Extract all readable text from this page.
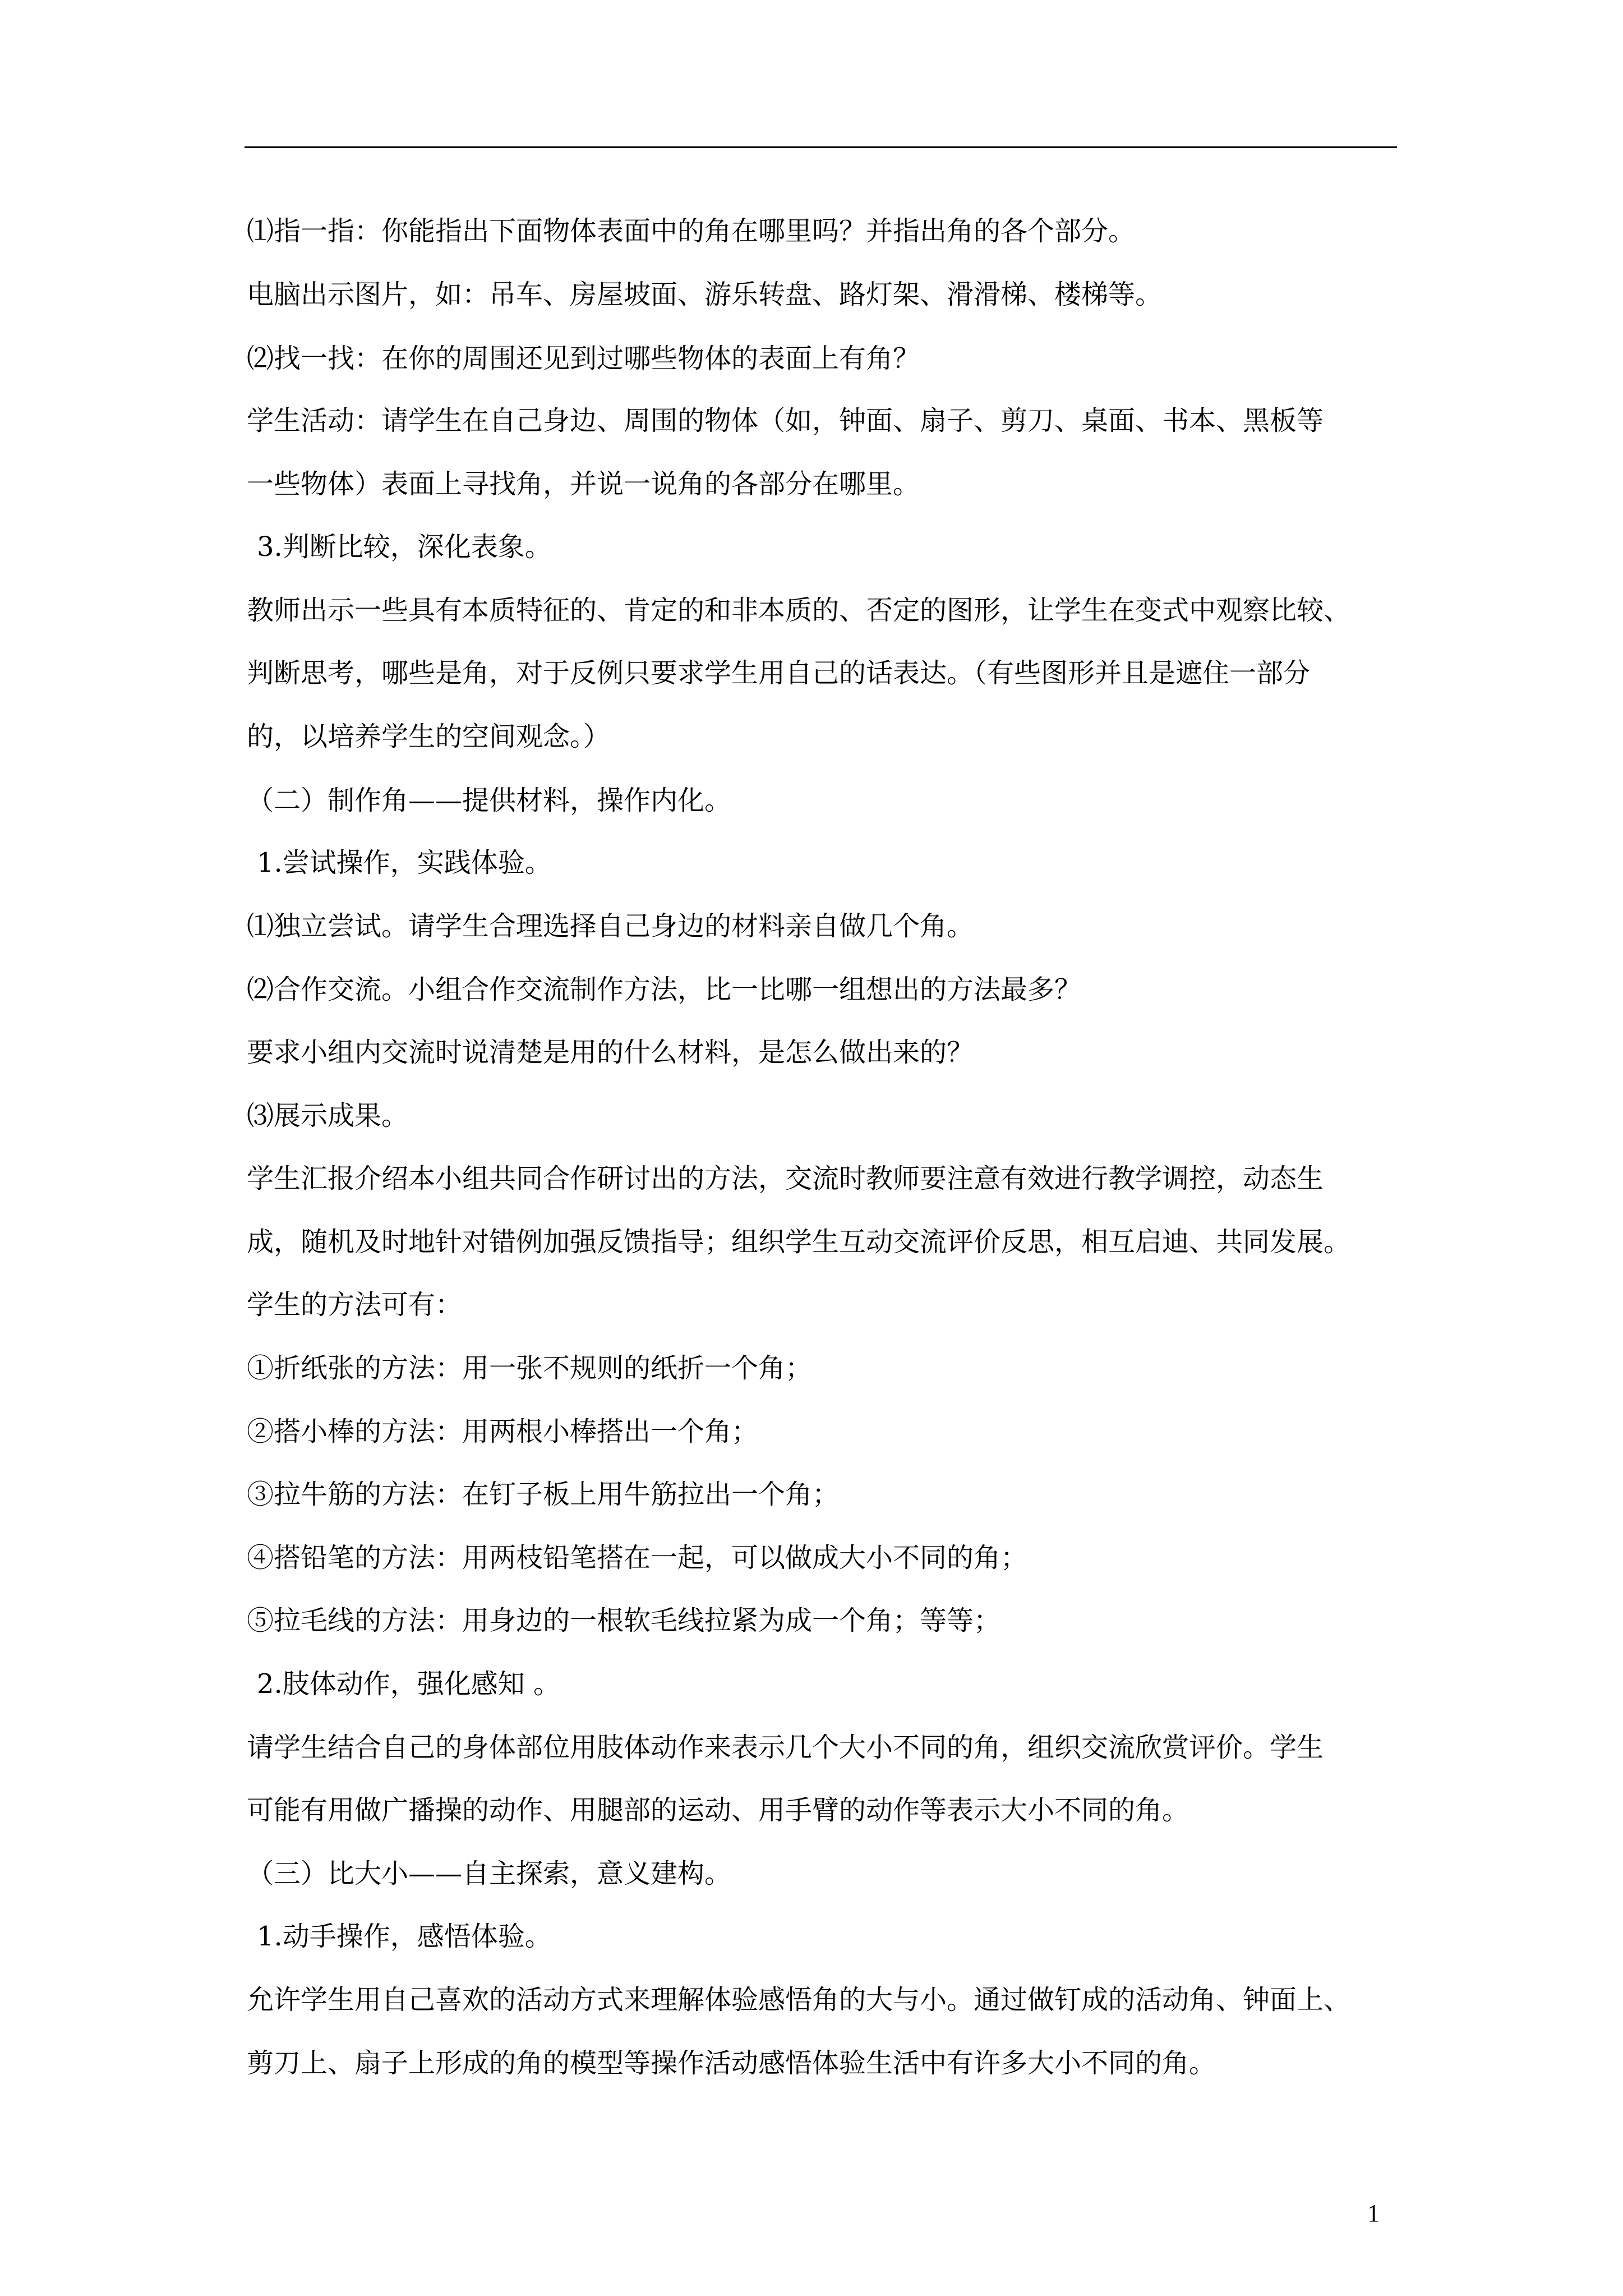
⑴指一指：你能指出下面物体表面中的角在哪里吗？并指出角的各个部分。
电脑出示图片，如：吊车、房屋坡面、游乐转盘、路灯架、滑滑梯、楼梯等。
⑵找一找：在你的周围还见到过哪些物体的表面上有角？
学生活动：请学生在自己身边、周围的物体（如，钟面、扇子、剪刀、桌面、书本、黑板等
一些物体）表面上寻找角，并说一说角的各部分在哪里。
3.判断比较，深化表象。
教师出示一些具有本质特征的、肯定的和非本质的、否定的图形，让学生在变式中观察比较、
判断思考，哪些是角，对于反例只要求学生用自己的话表达。（有些图形并且是遮住一部分
的，以培养学生的空间观念。）
（二）制作角——提供材料，操作内化。
1.尝试操作，实践体验。
⑴独立尝试。请学生合理选择自己身边的材料亲自做几个角。
⑵合作交流。小组合作交流制作方法，比一比哪一组想出的方法最多？
要求小组内交流时说清楚是用的什么材料，是怎么做出来的？
⑶展示成果。
学生汇报介绍本小组共同合作研讨出的方法，交流时教师要注意有效进行教学调控，动态生
成，随机及时地针对错例加强反馈指导；组织学生互动交流评价反思，相互启迪、共同发展。
学生的方法可有：
①折纸张的方法：用一张不规则的纸折一个角；
②搭小棒的方法：用两根小棒搭出一个角；
③拉牛筋的方法：在钉子板上用牛筋拉出一个角；
④搭铅笔的方法：用两枝铅笔搭在一起，可以做成大小不同的角；
⑤拉毛线的方法：用身边的一根软毛线拉紧为成一个角；等等；
2.肢体动作，强化感知 。
请学生结合自己的身体部位用肢体动作来表示几个大小不同的角，组织交流欣赏评价。学生
可能有用做广播操的动作、用腿部的运动、用手臂的动作等表示大小不同的角。
（三）比大小——自主探索，意义建构。
1.动手操作，感悟体验。
允许学生用自己喜欢的活动方式来理解体验感悟角的大与小。通过做钉成的活动角、钟面上、
剪刀上、扇子上形成的角的模型等操作活动感悟体验生活中有许多大小不同的角。
1
